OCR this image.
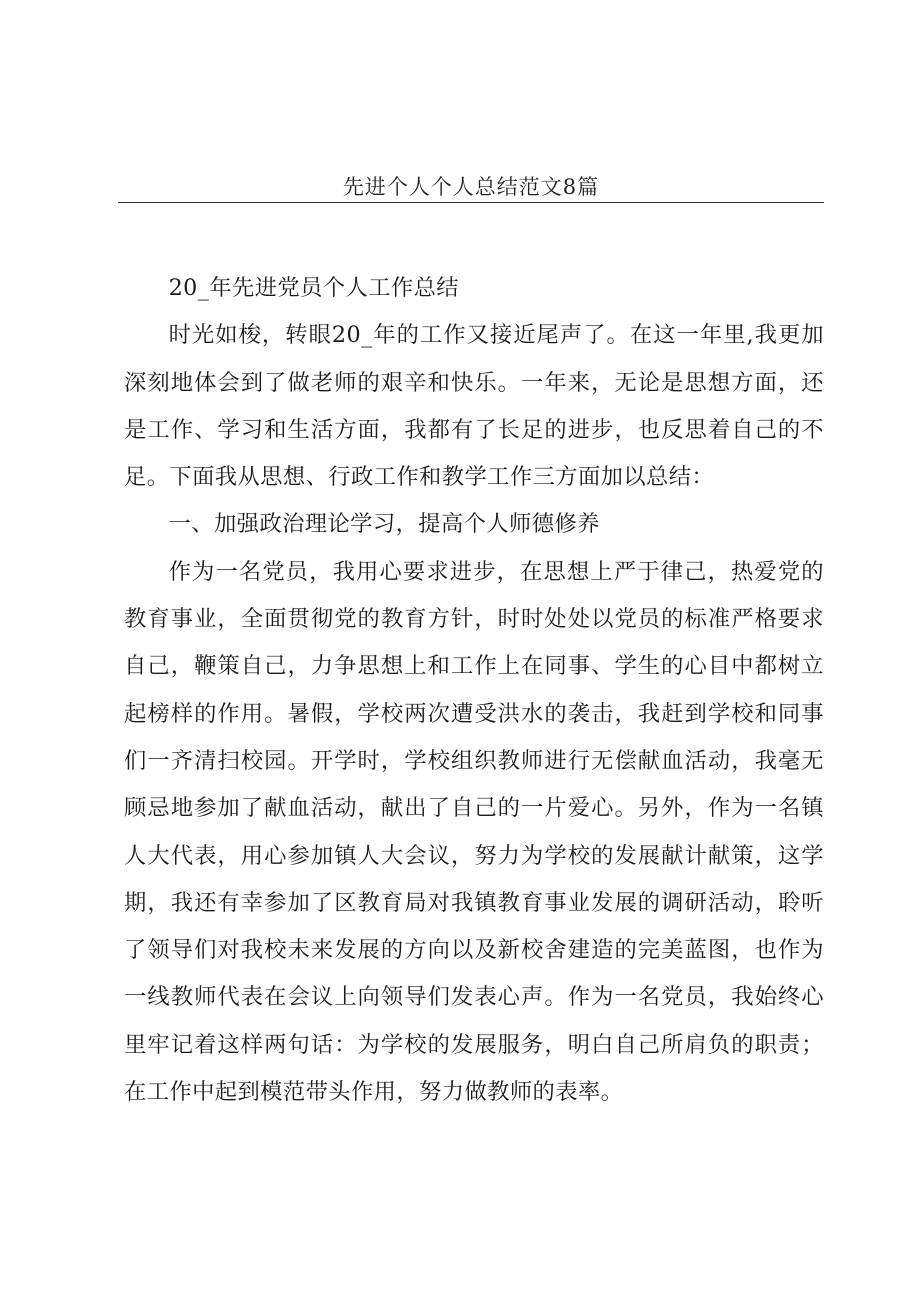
先进个人个人总结范文8篇

20_年先进党员个人工作总结

时光如梭，转眼20_年的工作又接近尾声了。在这一年里,我更加深刻地体会到了做老师的艰辛和快乐。一年来，无论是思想方面，还是工作、学习和生活方面，我都有了长足的进步，也反思着自己的不足。下面我从思想、行政工作和教学工作三方面加以总结：

一、加强政治理论学习，提高个人师德修养

作为一名党员，我用心要求进步，在思想上严于律己，热爱党的教育事业，全面贯彻党的教育方针，时时处处以党员的标准严格要求自己，鞭策自己，力争思想上和工作上在同事、学生的心目中都树立起榜样的作用。暑假，学校两次遭受洪水的袭击，我赶到学校和同事们一齐清扫校园。开学时，学校组织教师进行无偿献血活动，我毫无顾忌地参加了献血活动，献出了自己的一片爱心。另外，作为一名镇人大代表，用心参加镇人大会议，努力为学校的发展献计献策，这学期，我还有幸参加了区教育局对我镇教育事业发展的调研活动，聆听了领导们对我校未来发展的方向以及新校舍建造的完美蓝图，也作为一线教师代表在会议上向领导们发表心声。作为一名党员，我始终心里牢记着这样两句话：为学校的发展服务，明白自己所肩负的职责；在工作中起到模范带头作用，努力做教师的表率。
